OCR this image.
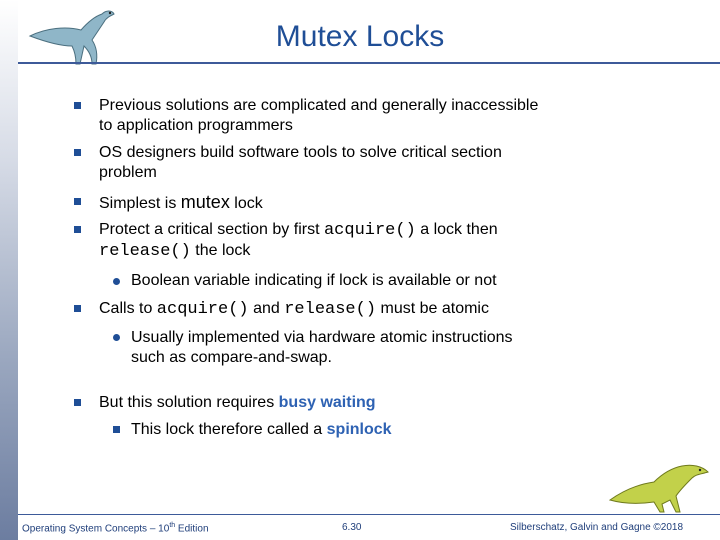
Mutex Locks
Previous solutions are complicated and generally inaccessible
to application programmers
OS designers build software tools to solve critical section
problem
Simplest is mutex lock
Protect a critical section by first acquire() a lock then
release() the lock
Boolean variable indicating if lock is available or not
Calls to acquire() and release() must be atomic
Usually implemented via hardware atomic instructions
such as compare-and-swap.
But this solution requires busy waiting
This lock therefore called a spinlock
Operating System Concepts – 10th Edition	6.30	Silberschatz, Galvin and Gagne ©2018
